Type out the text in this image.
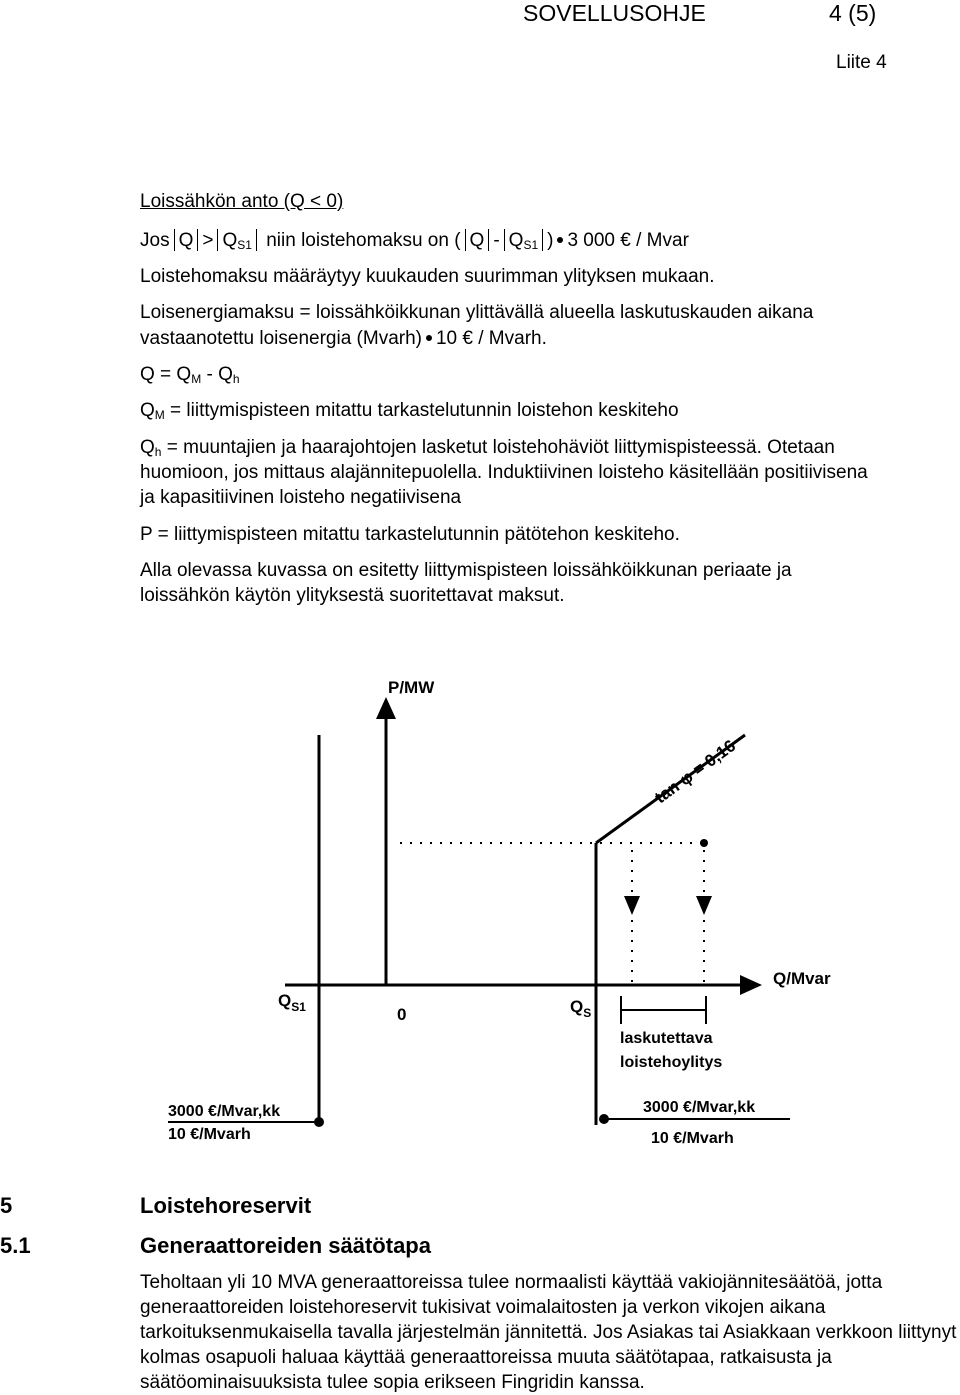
SOVELLUSOHJE	4 (5)
Liite 4
Loissähkön anto (Q < 0)
Jos $Q > Q_{S1}$ niin loistehomaksu on ( Q - $Q_{S1}$ ) 3 000 € / Mvar
Loistehomaksu määräytyy kuukauden suurimman ylityksen mukaan.
Loisenergiamaksu = loissähköikkunan ylittävällä alueella laskutuskauden aikana
vastaanotettu loisenergia (Mvarh) 10 € / Mvarh.
$Q = Q_M - Q_h$
$Q_M$ = liittymispisteen mitattu tarkastelutunnin loistehon keskiteho
$Q_h$ = muuntajien ja haarajohtojen lasketut loistehohäviöt liittymispisteessä. Otetaan
huomioon, jos mittaus alajännitepuolella. Induktiivinen loisteho käsitellään positiivisena
ja kapasitiivinen loisteho negatiivisena
P = liittymispisteen mitattu tarkastelutunnin pätötehon keskiteho.
Alla olevassa kuvassa on esitetty liittymispisteen loissähköikkunan periaate ja
loissähkön käytön ylityksestä suoritettavat maksut.
P/MW
Q/Mvar
tan φ = 0,16
$Q_{S1}$	0	$Q_S$
laskutettava
loistehoylitys
3000 €/Mvar,kk
10 €/Mvarh
3000 €/Mvar,kk
10 €/Mvarh
5	Loistehoreservit
5.1	Generaattoreiden säätötapa
Teholtaan yli 10 MVA generaattoreissa tulee normaalisti käyttää vakiojännitesäätöä, jotta generaattoreiden loistehoreservit tukisivat voimalaitosten ja verkon vikojen aikana tarkoituksenmukaisella tavalla järjestelmän jännitettä. Jos Asiakas tai Asiakkaan verkkoon liittynyt kolmas osapuoli haluaa käyttää generaattoreissa muuta säätötapaa, ratkaisusta ja säätöominaisuuksista tulee sopia erikseen Fingridin kanssa.
